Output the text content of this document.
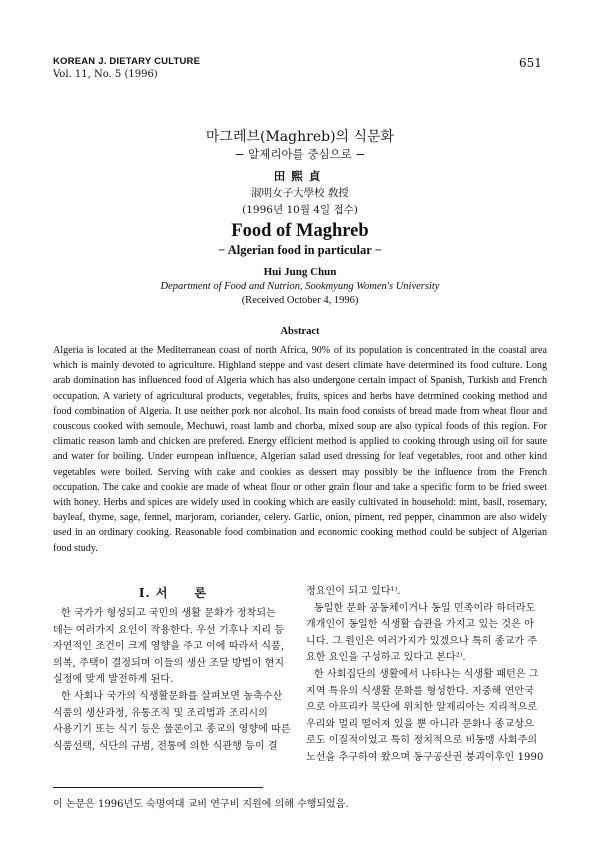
KOREAN J. DIETARY CULTURE
Vol. 11, No. 5 (1996)
651
마그레브(Maghreb)의 식문화
− 알제리아를 중심으로 −
田熙貞
淑明女子大學校 敎授
(1996년 10월 4일 접수)
Food of Maghreb
− Algerian food in particular −
Hui Jung Chun
Department of Food and Nutrion, Sookmyung Women's University
(Received October 4, 1996)
Abstract

Algeria is located at the Mediterranean coast of north Africa, 90% of its population is concentrated in the coastal area which is mainly devoted to agriculture. Highland steppe and vast desert climate have determined its food culture. Long arab domination has influenced food of Algeria which has also undergone certain impact of Spanish, Turkish and French occupation. A variety of agricultural products, vegetables, fruits, spices and herbs have detrmined cooking method and food combination of Algeria. It use neither pork nor alcohol. Its main food consists of bread made from wheat flour and couscous cooked with semoule, Mechuwi, roast lamb and chorba, mixed soup are also typical foods of this region. For climatic reason lamb and chicken are prefered. Energy efficient method is applied to cooking through using oil for saute and water for boiling. Under european influence, Algerian salad used dressing for leaf vegetables, root and other kind vegetables were boiled. Serving with cake and cookies as dessert may possibly be the influence from the French occupation. The cake and cookie are made of wheat flour or other grain flour and take a specific form to be fried sweet with honey. Herbs and spices are widely used in cooking which are easily cultivated in household: mint, basil, rosemary, bayleaf, thyme, sage, fennel, marjoram, coriander, celery. Garlic, onion, piment, red pepper, cinammon are also widely used in an ordinary cooking. Reasonable food combination and economic cooking method could be subject of Algerian food study.

I. 서　　론
한 국가가 형성되고 국민의 생활 문화가 정착되는
데는 여러가지 요인이 작용한다. 우선 기후나 지리 등
자연적인 조건이 크게 영향을 주고 이에 따라서 식품,
의복, 주택이 결정되며 이들의 생산 조달 방법이 현지
실정에 맞게 발전하게 된다.
한 사회나 국가의 식생활문화를 살펴보면 농축수산
식품의 생산과정, 유통조직 및 조리법과 조리시의
사용기기 또는 식기 등은 물론이고 종교의 영향에 따른
식품선택, 식단의 규범, 전통에 의한 식관행 등이 결
정요인이 되고 있다¹⁾.
동일한 문화 공동체이거나 동일 민족이라 하더라도
개개인이 동일한 식생활 습관을 가지고 있는 것은 아
니다. 그 원인은 여러가지가 있겠으나 특히 종교가 주
요한 요인을 구성하고 있다고 본다²⁾.
한 사회집단의 생활에서 나타나는 식생활 패턴은 그
지역 특유의 식생활 문화를 형성한다. 지중해 연안국
으로 아프리카 북단에 위치한 알제리아는 지리적으로
우리와 멀리 떨어져 있을 뿐 아니라 문화나 종교상으
로도 이질적이었고 특히 정치적으로 비동맹 사회주의
노선을 추구하여 왔으며 동구공산권 붕괴이후인 1990
이 논문은 1996년도 숙명여대 교비 연구비 지원에 의해 수행되었음.
